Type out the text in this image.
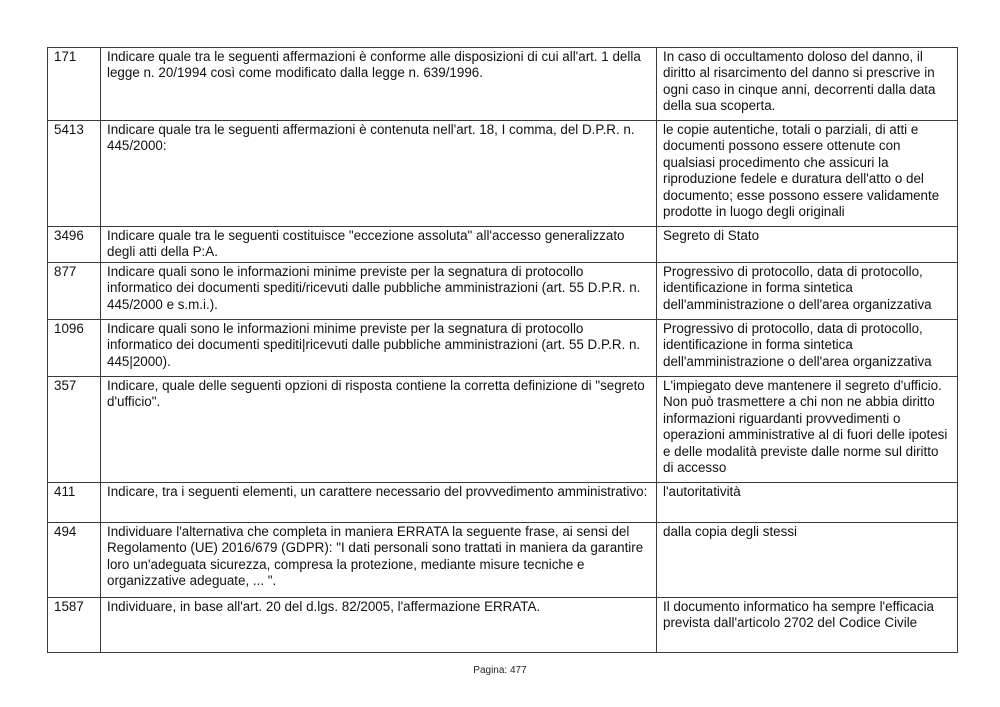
171	Indicare quale tra le seguenti affermazioni è conforme alle disposizioni di cui all'art. 1 della legge n. 20/1994 così come modificato dalla legge n. 639/1996.	In caso di occultamento doloso del danno, il diritto al risarcimento del danno si prescrive in ogni caso in cinque anni, decorrenti dalla data della sua scoperta.
5413	Indicare quale tra le seguenti affermazioni è contenuta nell'art. 18, I comma, del D.P.R. n. 445/2000:	le copie autentiche, totali o parziali, di atti e documenti possono essere ottenute con qualsiasi procedimento che assicuri la riproduzione fedele e duratura dell'atto o del documento; esse possono essere validamente prodotte in luogo degli originali
3496	Indicare quale tra le seguenti costituisce "eccezione assoluta" all'accesso generalizzato degli atti della P:A.	Segreto di Stato
877	Indicare quali sono le informazioni minime previste per la segnatura di protocollo informatico dei documenti spediti/ricevuti dalle pubbliche amministrazioni (art. 55 D.P.R. n. 445/2000 e s.m.i.).	Progressivo di protocollo, data di protocollo, identificazione in forma sintetica dell'amministrazione o dell'area organizzativa
1096	Indicare quali sono le informazioni minime previste per la segnatura di protocollo informatico dei documenti spediti|ricevuti dalle pubbliche amministrazioni (art. 55 D.P.R. n. 445|2000).	Progressivo di protocollo, data di protocollo, identificazione in forma sintetica dell'amministrazione o dell'area organizzativa
357	Indicare, quale delle seguenti opzioni di risposta contiene la corretta definizione di "segreto d'ufficio".	L'impiegato deve mantenere il segreto d'ufficio. Non può trasmettere a chi non ne abbia diritto informazioni riguardanti provvedimenti o operazioni amministrative al di fuori delle ipotesi e delle modalità previste dalle norme sul diritto di accesso
411	Indicare, tra i seguenti elementi, un carattere necessario del provvedimento amministrativo:	l'autoritatività
494	Individuare l'alternativa che completa in maniera ERRATA la seguente frase, ai sensi del Regolamento (UE) 2016/679 (GDPR): "I dati personali sono trattati in maniera da garantire loro un'adeguata sicurezza, compresa la protezione, mediante misure tecniche e organizzative adeguate, ... ".	dalla copia degli stessi
1587	Individuare, in base all'art. 20 del d.lgs. 82/2005, l'affermazione ERRATA.	Il documento informatico ha sempre l'efficacia prevista dall'articolo 2702 del Codice Civile
Pagina: 477
